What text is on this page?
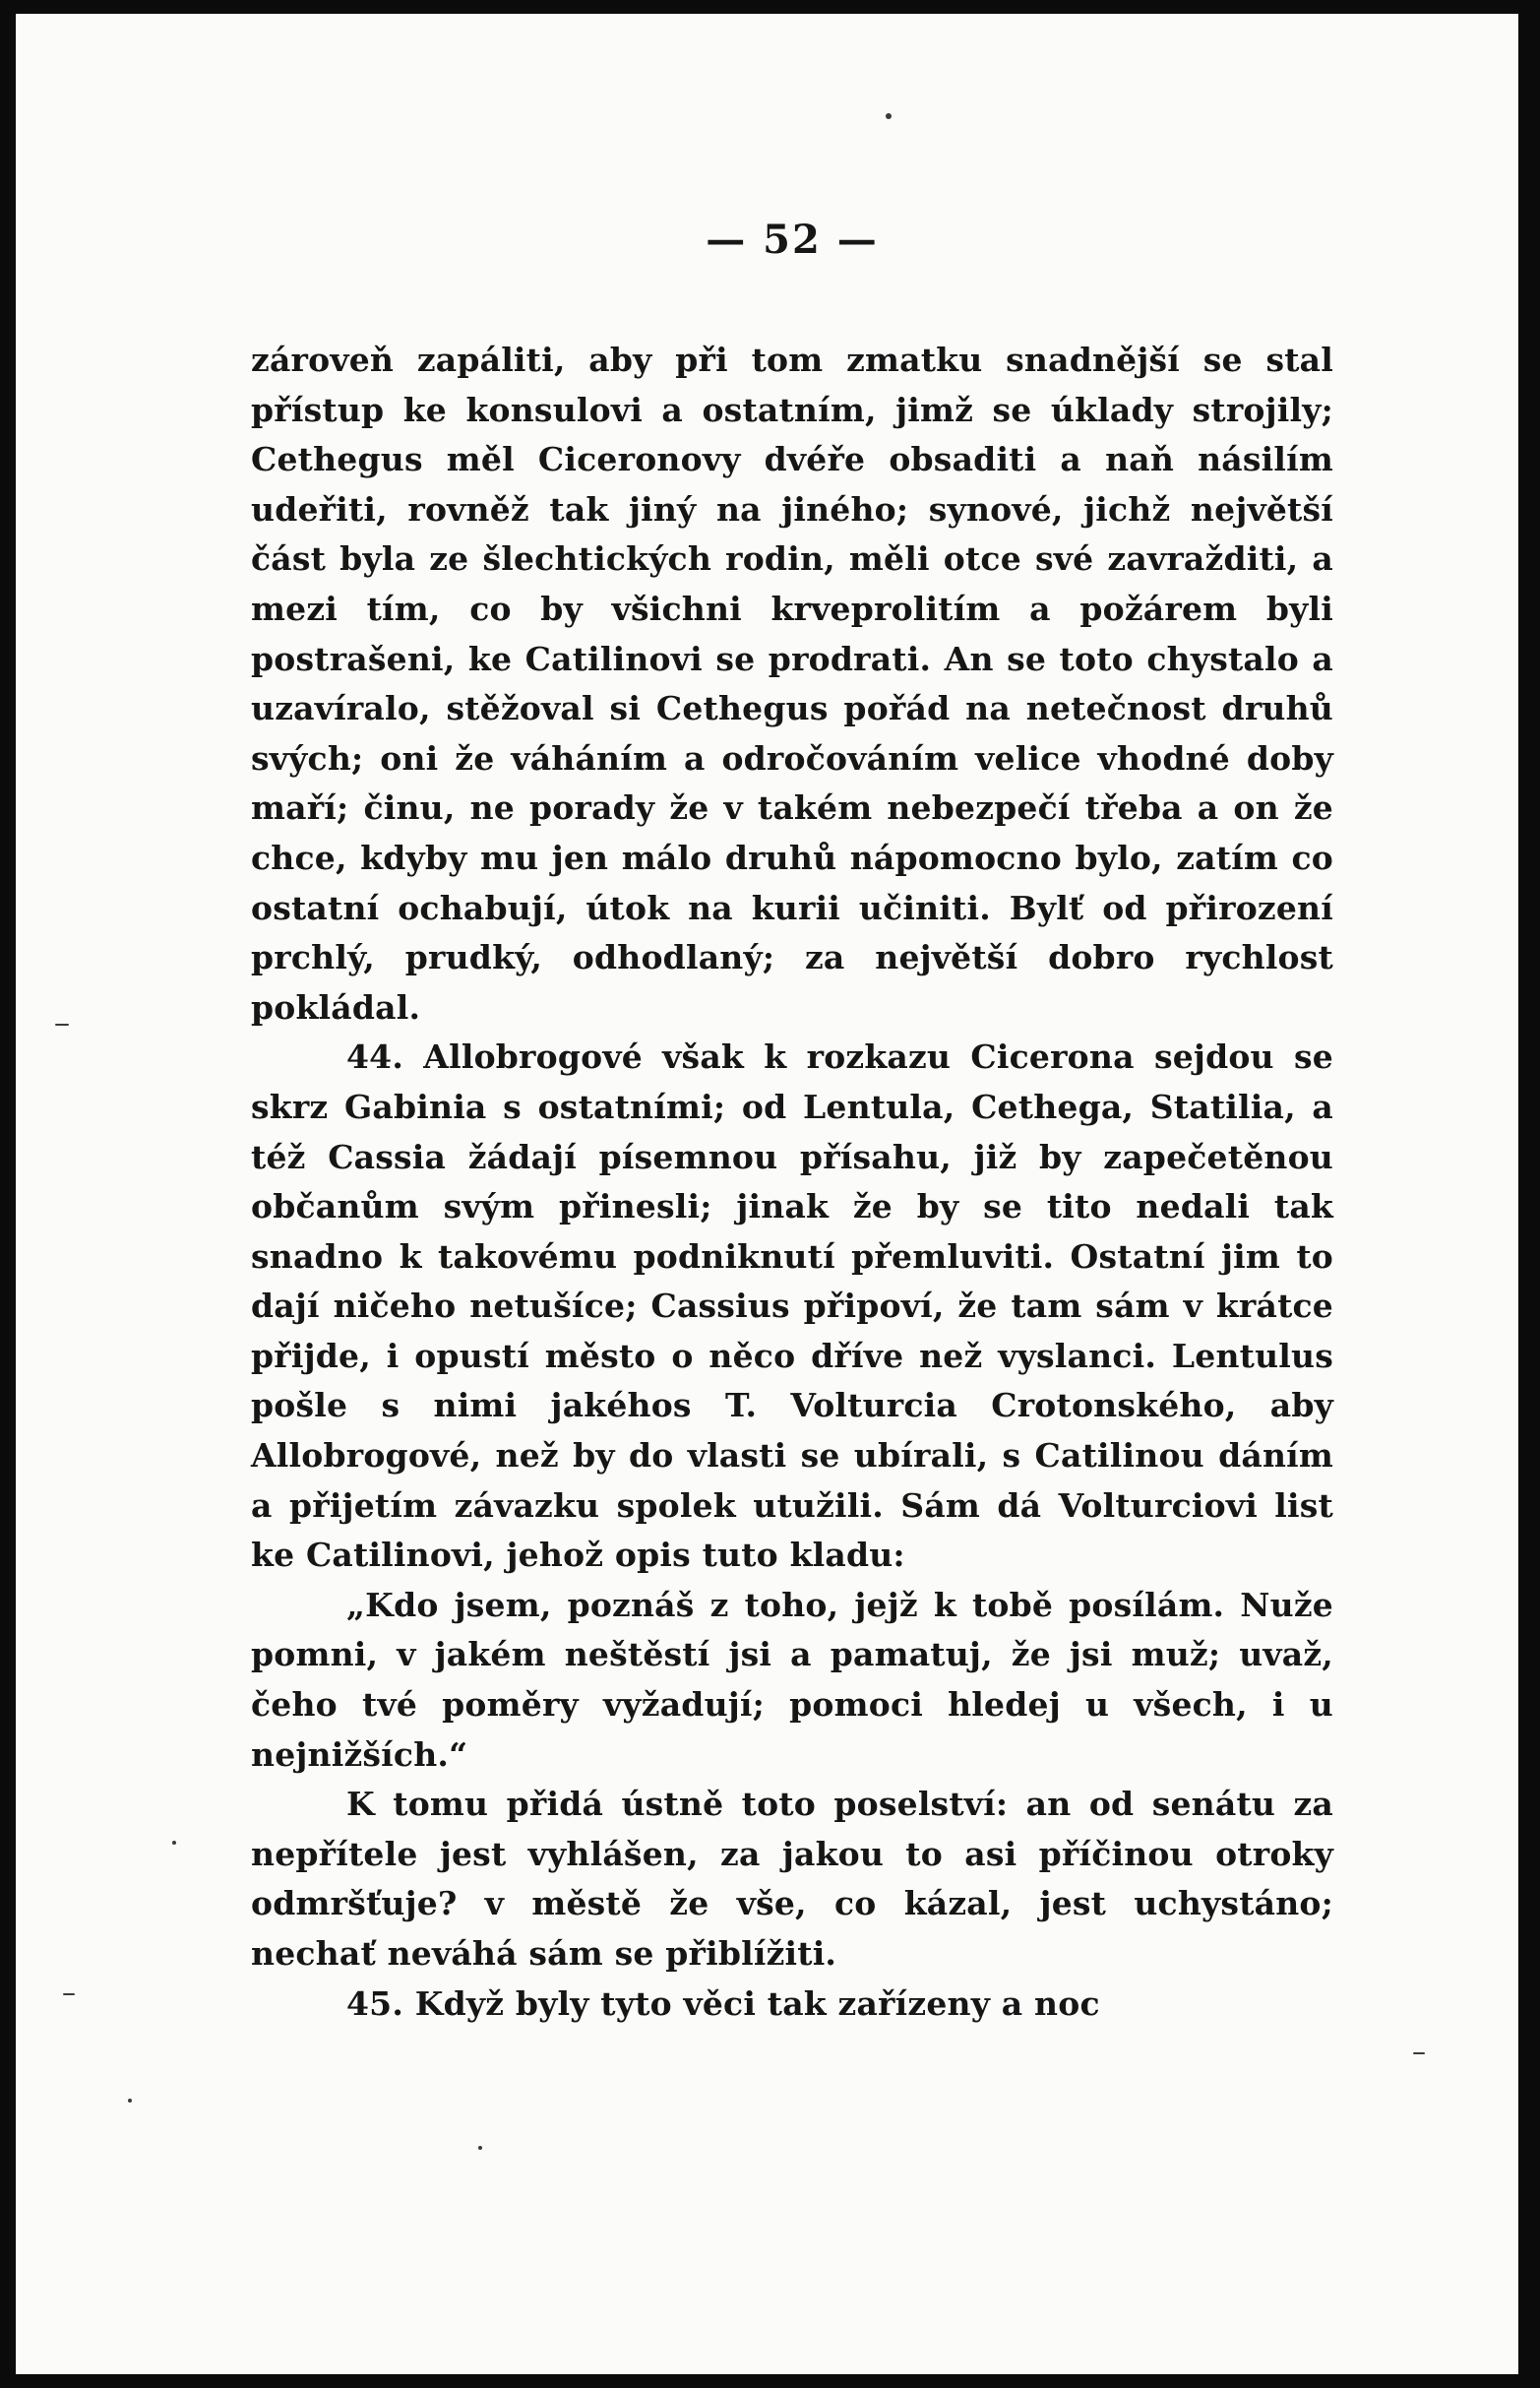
— 52 —

zároveň zapáliti, aby při tom zmatku snadnější se stal přístup ke konsulovi a ostatním, jimž se úklady strojily; Cethegus měl Ciceronovy dvéře obsaditi a naň násilím udeřiti, rovněž tak jiný na jiného; synové, jichž největší část byla ze šlechtických rodin, měli otce své zavražditi, a mezi tím, co by všichni krveprolitím a požárem byli postrašeni, ke Catilinovi se prodrati. An se toto chystalo a uzavíralo, stěžoval si Cethegus pořád na netečnost druhů svých; oni že váháním a odročováním velice vhodné doby maří; činu, ne porady že v takém nebezpečí třeba a on že chce, kdyby mu jen málo druhů nápomocno bylo, zatím co ostatní ochabují, útok na kurii učiniti. Bylť od přirození prchlý, prudký, odhodlaný; za největší dobro rychlost pokládal.

44. Allobrogové však k rozkazu Cicerona sejdou se skrz Gabinia s ostatními; od Lentula, Cethega, Statilia, a též Cassia žádají písemnou přísahu, již by zapečetěnou občanům svým přinesli; jinak že by se tito nedali tak snadno k takovému podniknutí přemluviti. Ostatní jim to dají ničeho netušíce; Cassius připoví, že tam sám v krátce přijde, i opustí město o něco dříve než vyslanci. Lentulus pošle s nimi jakéhos T. Volturcia Crotonského, aby Allobrogové, než by do vlasti se ubírali, s Catilinou dáním a přijetím závazku spolek utužili. Sám dá Volturciovi list ke Catilinovi, jehož opis tuto kladu:

„Kdo jsem, poznáš z toho, jejž k tobě posílám. Nuže pomni, v jakém neštěstí jsi a pamatuj, že jsi muž; uvaž, čeho tvé poměry vyžadují; pomoci hledej u všech, i u nejnižších.“

K tomu přidá ústně toto poselství: an od senátu za nepřítele jest vyhlášen, za jakou to asi příčinou otroky odmršťuje? v městě že vše, co kázal, jest uchystáno; nechať neváhá sám se přiblížiti.

45. Když byly tyto věci tak zařízeny a noc
